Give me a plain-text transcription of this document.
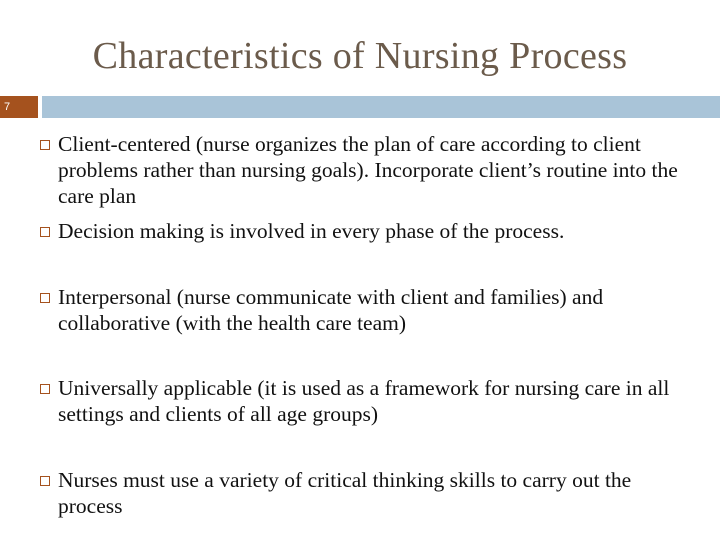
Characteristics of Nursing Process
7
Client-centered (nurse organizes the plan of care according to client problems rather than nursing goals). Incorporate client’s routine into the care plan
Decision making is involved in every phase of the process.
Interpersonal (nurse communicate with client and families) and collaborative (with the health care team)
Universally applicable (it is used as a framework for nursing care in all settings and clients of all age groups)
Nurses must use a variety of critical thinking skills to carry out the process
